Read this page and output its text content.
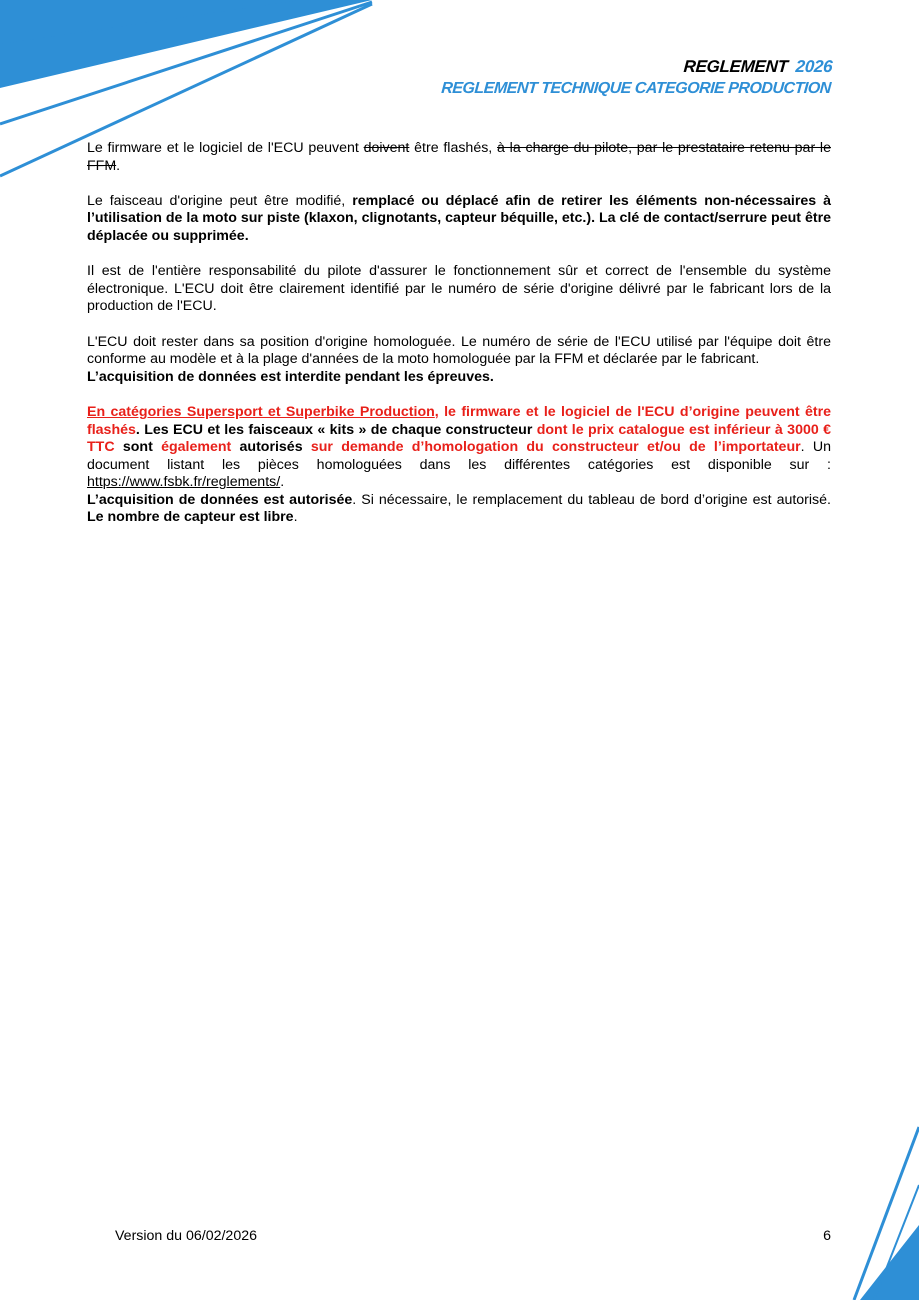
REGLEMENT 2026
REGLEMENT TECHNIQUE CATEGORIE PRODUCTION

Le firmware et le logiciel de l'ECU peuvent doivent être flashés, à la charge du pilote, par le prestataire retenu par le FFM.

Le faisceau d'origine peut être modifié, remplacé ou déplacé afin de retirer les éléments non-nécessaires à l’utilisation de la moto sur piste (klaxon, clignotants, capteur béquille, etc.). La clé de contact/serrure peut être déplacée ou supprimée.

Il est de l'entière responsabilité du pilote d'assurer le fonctionnement sûr et correct de l'ensemble du système électronique. L'ECU doit être clairement identifié par le numéro de série d'origine délivré par le fabricant lors de la production de l'ECU.

L'ECU doit rester dans sa position d'origine homologuée. Le numéro de série de l'ECU utilisé par l'équipe doit être conforme au modèle et à la plage d'années de la moto homologuée par la FFM et déclarée par le fabricant.
L’acquisition de données est interdite pendant les épreuves.

En catégories Supersport et Superbike Production, le firmware et le logiciel de l'ECU d’origine peuvent être flashés. Les ECU et les faisceaux « kits » de chaque constructeur dont le prix catalogue est inférieur à 3000 € TTC sont également autorisés sur demande d’homologation du constructeur et/ou de l’importateur. Un document listant les pièces homologuées dans les différentes catégories est disponible sur : https://www.fsbk.fr/reglements/.

L’acquisition de données est autorisée. Si nécessaire, le remplacement du tableau de bord d’origine est autorisé. Le nombre de capteur est libre.

Version du 06/02/2026	6
